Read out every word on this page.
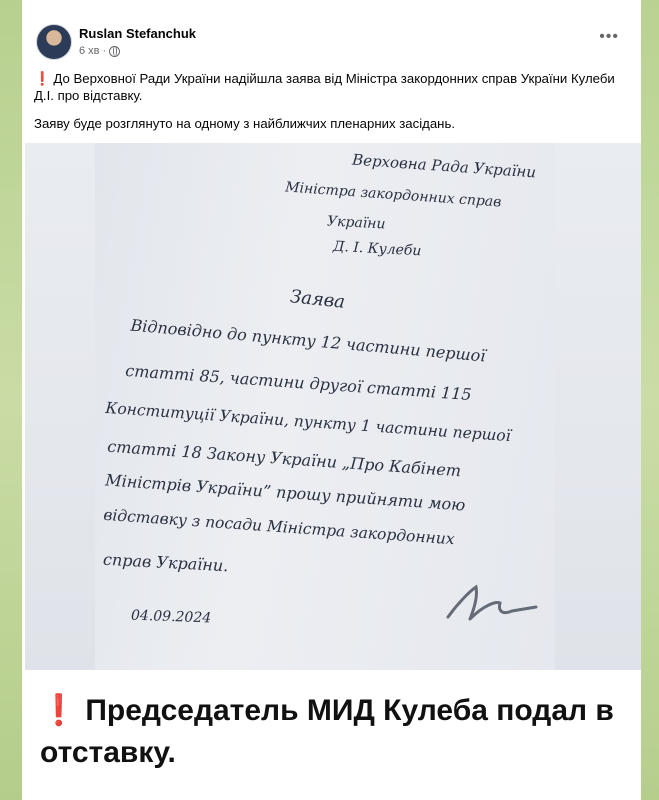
Ruslan Stefanchuk
6 хв ·
•••

❗ До Верховної Ради України надійшла заява від Міністра закордонних справ України Кулеби Д.І. про відставку.

Заяву буде розглянуто на одному з найближчих пленарних засідань.

Верховна Рада України
Міністра закордонних справ
України
Д. І. Кулеби
Заява
Відповідно до пункту 12 частини першої
статті 85, частини другої статті 115
Конституції України, пункту 1 частини першої
статті 18 Закону України „Про Кабінет
Міністрів України” прошу прийняти мою
відставку з посади Міністра закордонних
справ України.
04.09.2024
❗ Председатель МИД Кулеба подал в отставку.
